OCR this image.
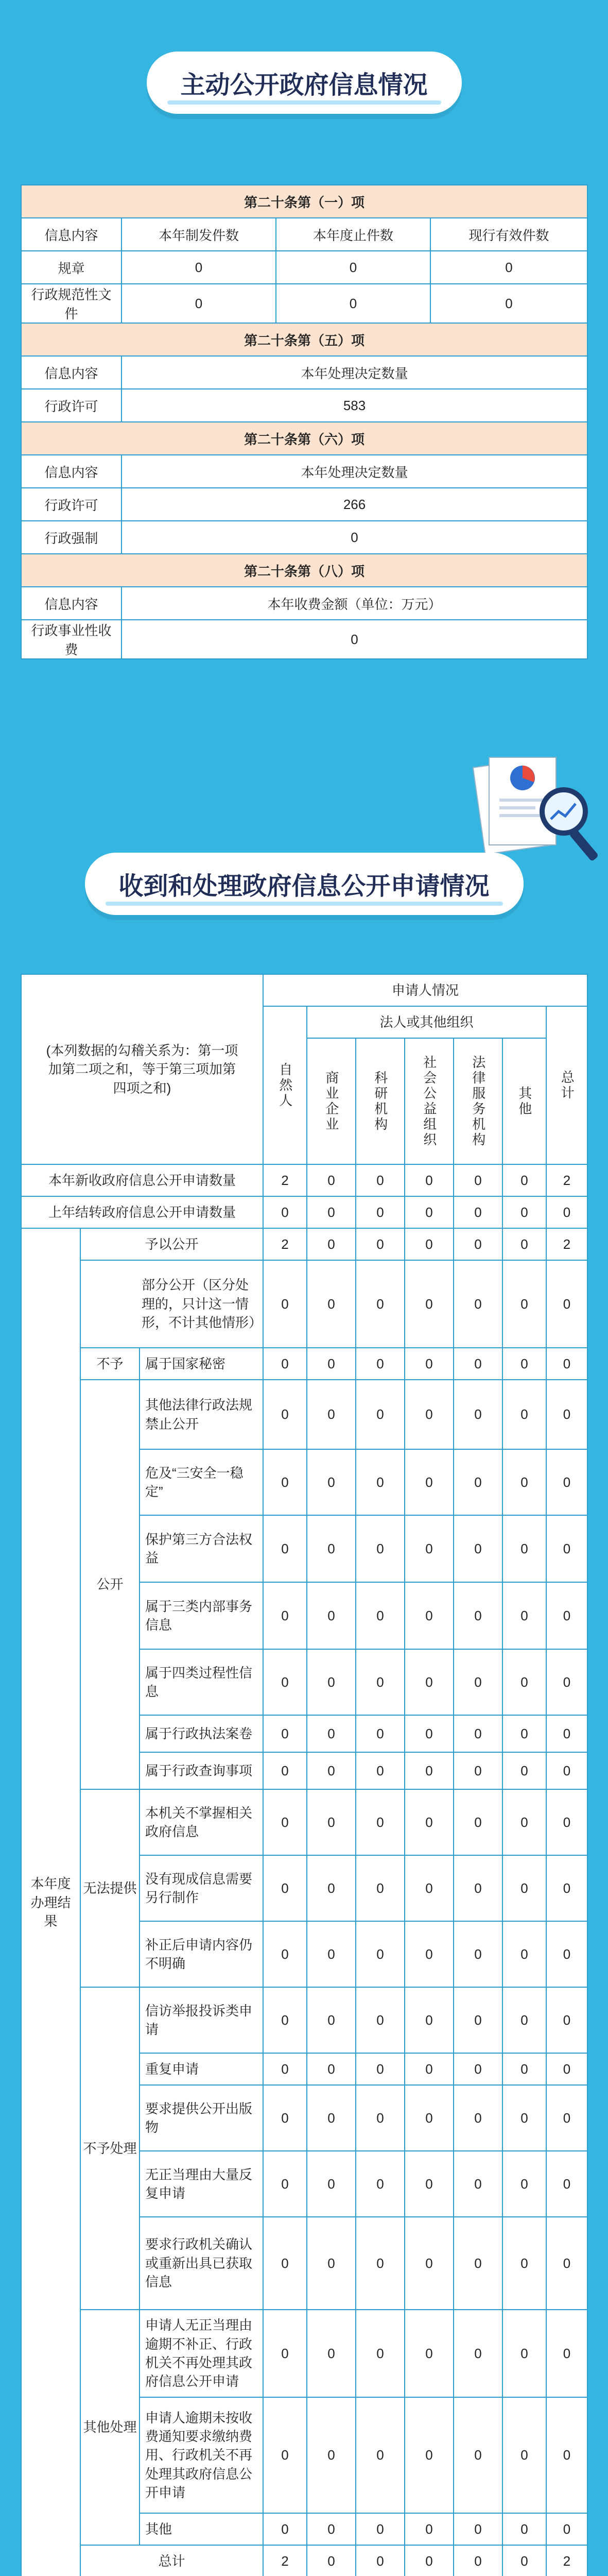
主动公开政府信息情况
第二十条第（一）项			
信息内容	本年制发件数	本年度止件数	现行有效件数
规章	0	0	0
行政规范性文件	0	0	0
第二十条第（五）项			
信息内容	本年处理决定数量		
行政许可	583		
第二十条第（六）项			
信息内容	本年处理决定数量		
行政许可	266		
行政强制	0		
第二十条第（八）项			
信息内容	本年收费金额（单位：万元）		
行政事业性收费	0		
收到和处理政府信息公开申请情况
(本列数据的勾稽关系为：第一项加第二项之和，等于第三项加第四项之和)			申请人情况						
			自然人	法人或其他组织					总计
				商业企业	科研机构	社会公益组织	法律服务机构	其他	
本年新收政府信息公开申请数量			2	0	0	0	0	0	2
上年结转政府信息公开申请数量			0	0	0	0	0	0	0
本年度办理结果	予以公开		2	0	0	0	0	0	2
	部分公开（区分处理的，只计这一情形，不计其他情形）		0	0	0	0	0	0	0
	不予	属于国家秘密	0	0	0	0	0	0	0
	公开	其他法律行政法规禁止公开	0	0	0	0	0	0	0
		危及“三安全一稳定”	0	0	0	0	0	0	0
		保护第三方合法权益	0	0	0	0	0	0	0
		属于三类内部事务信息	0	0	0	0	0	0	0
		属于四类过程性信息	0	0	0	0	0	0	0
		属于行政执法案卷	0	0	0	0	0	0	0
		属于行政查询事项	0	0	0	0	0	0	0
	无法提供	本机关不掌握相关政府信息	0	0	0	0	0	0	0
		没有现成信息需要另行制作	0	0	0	0	0	0	0
		补正后申请内容仍不明确	0	0	0	0	0	0	0
	不予处理	信访举报投诉类申请	0	0	0	0	0	0	0
		重复申请	0	0	0	0	0	0	0
		要求提供公开出版物	0	0	0	0	0	0	0
		无正当理由大量反复申请	0	0	0	0	0	0	0
		要求行政机关确认或重新出具已获取信息	0	0	0	0	0	0	0
	其他处理	申请人无正当理由逾期不补正、行政机关不再处理其政府信息公开申请	0	0	0	0	0	0	0
		申请人逾期未按收费通知要求缴纳费用、行政机关不再处理其政府信息公开申请	0	0	0	0	0	0	0
		其他	0	0	0	0	0	0	0
	总计		2	0	0	0	0	0	2
